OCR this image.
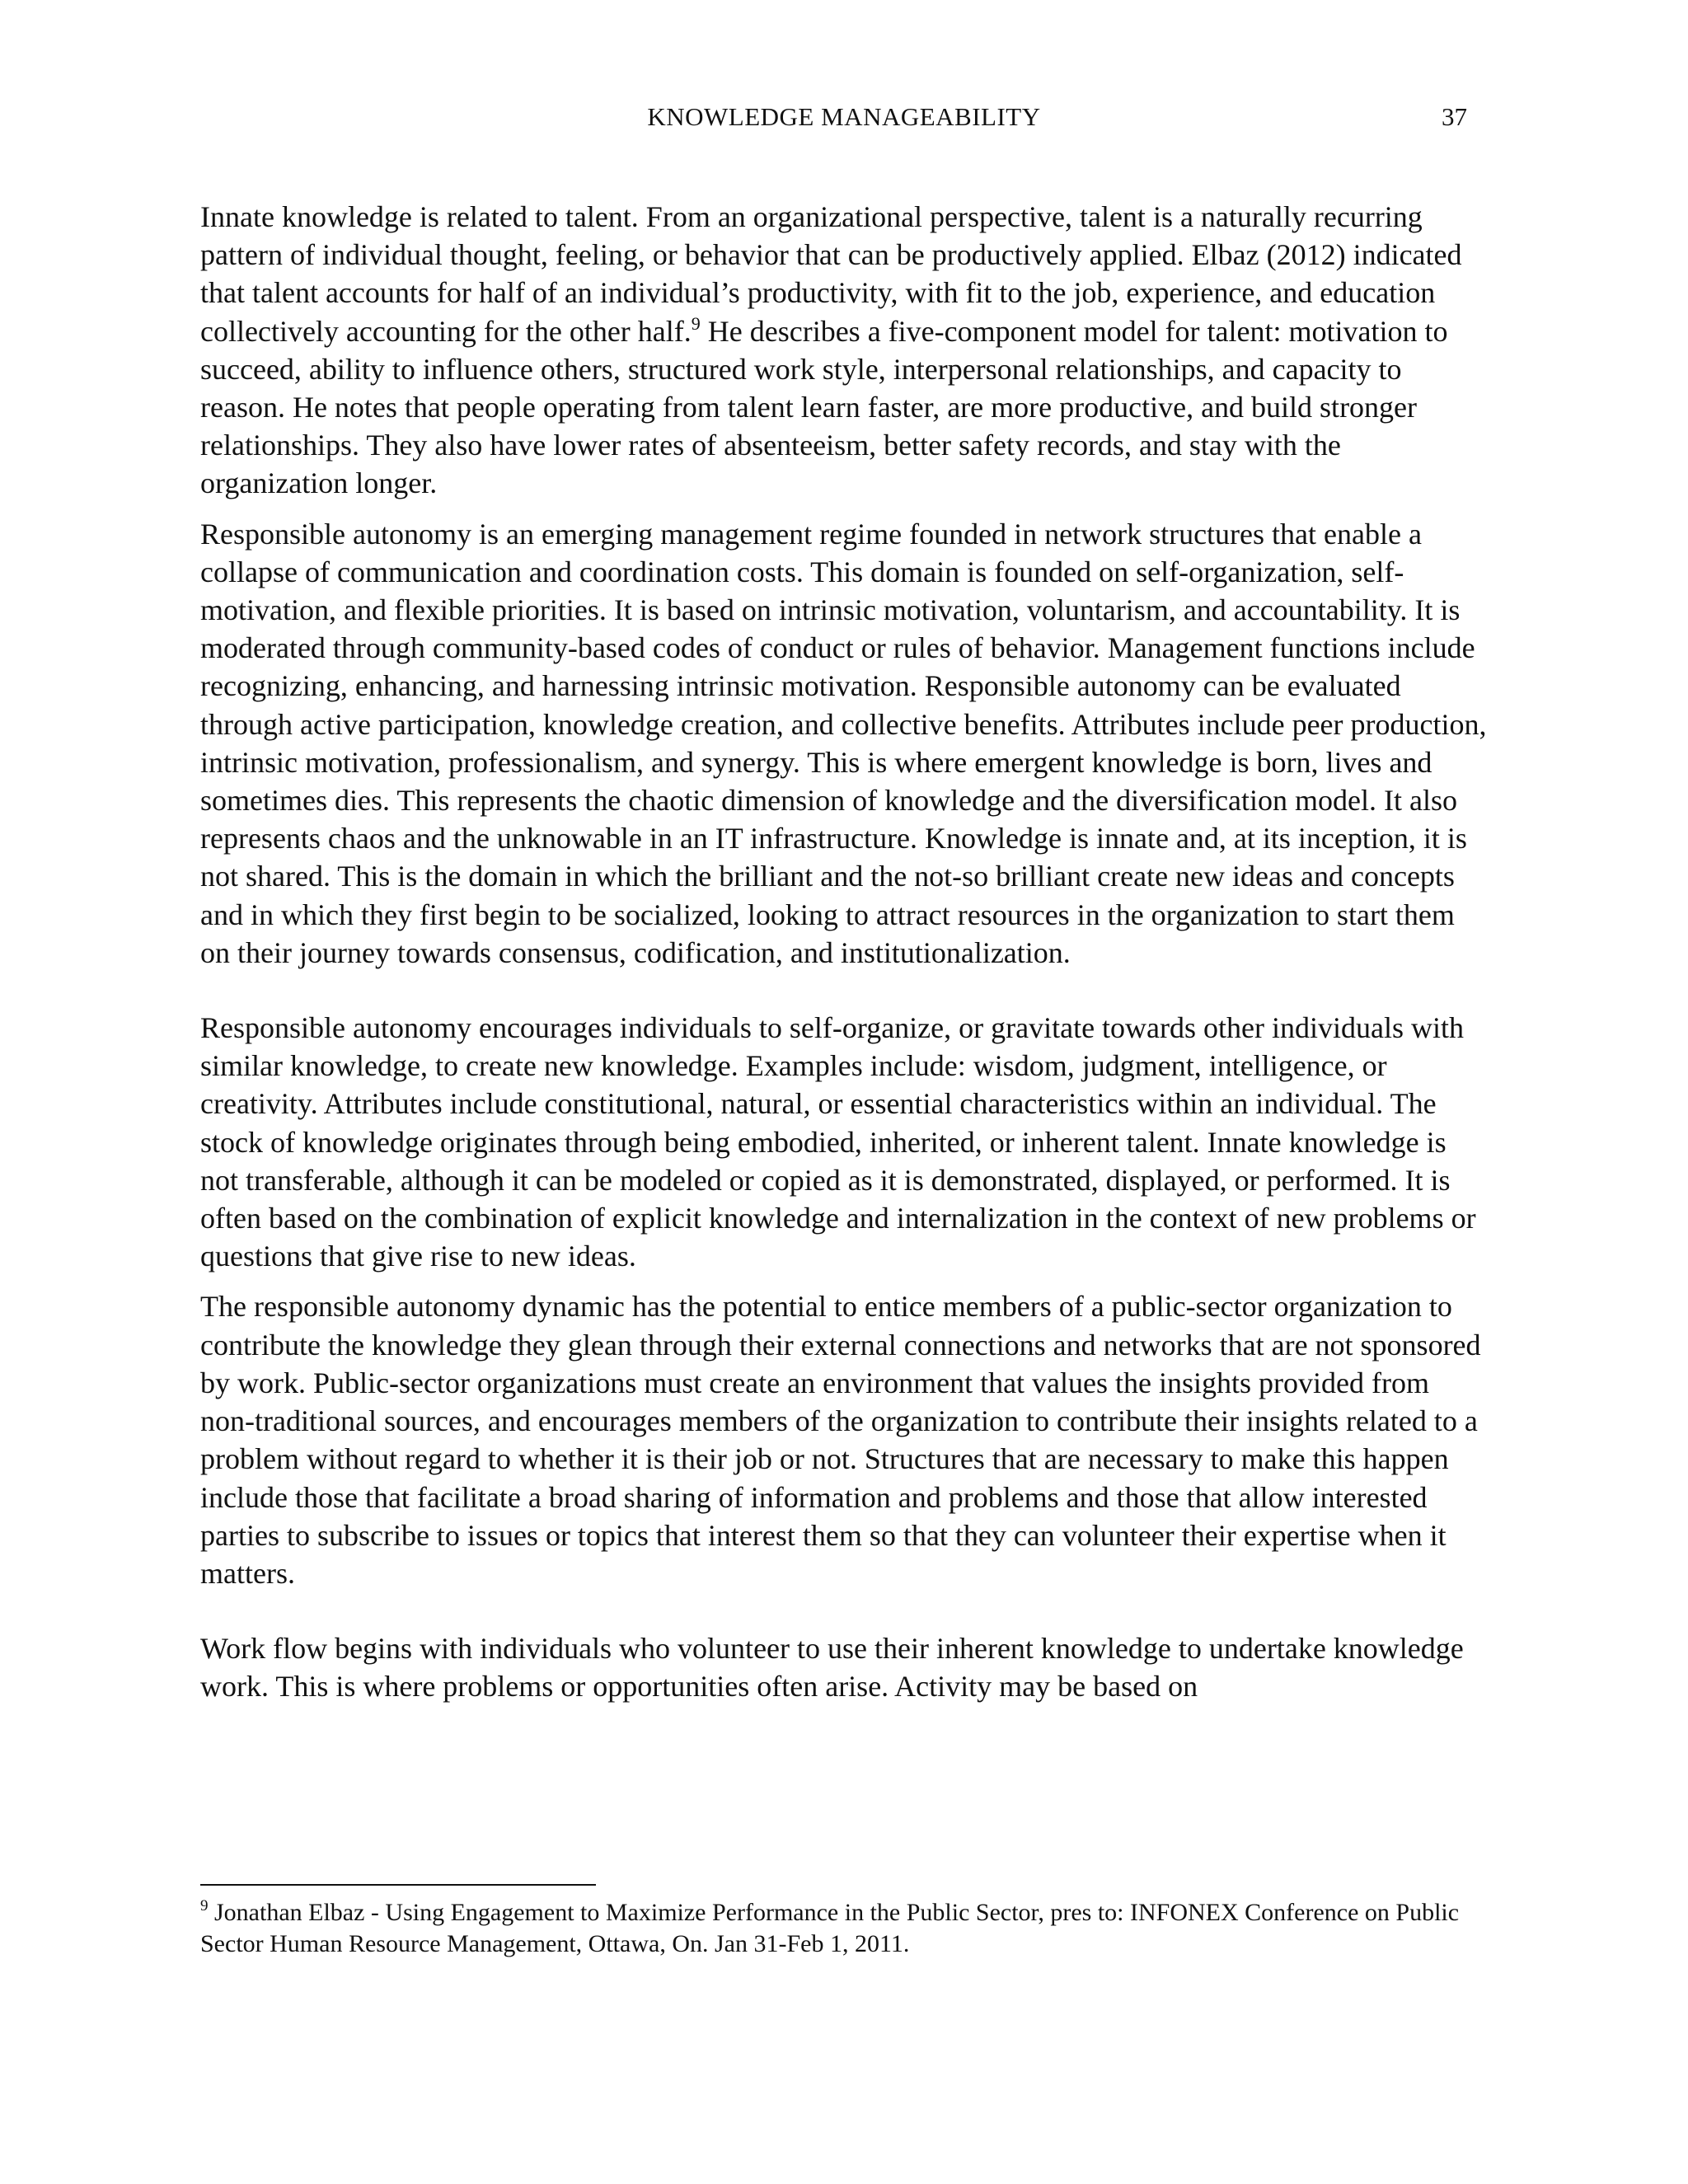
KNOWLEDGE MANAGEABILITY	37

Innate knowledge is related to talent. From an organizational perspective, talent is a naturally recurring pattern of individual thought, feeling, or behavior that can be productively applied. Elbaz (2012) indicated that talent accounts for half of an individual’s productivity, with fit to the job, experience, and education collectively accounting for the other half.$^9$ He describes a five-component model for talent: motivation to succeed, ability to influence others, structured work style, interpersonal relationships, and capacity to reason. He notes that people operating from talent learn faster, are more productive, and build stronger relationships. They also have lower rates of absenteeism, better safety records, and stay with the organization longer.

Responsible autonomy is an emerging management regime founded in network structures that enable a collapse of communication and coordination costs. This domain is founded on self-organization, self-motivation, and flexible priorities. It is based on intrinsic motivation, voluntarism, and accountability. It is moderated through community-based codes of conduct or rules of behavior. Management functions include recognizing, enhancing, and harnessing intrinsic motivation. Responsible autonomy can be evaluated through active participation, knowledge creation, and collective benefits. Attributes include peer production, intrinsic motivation, professionalism, and synergy. This is where emergent knowledge is born, lives and sometimes dies. This represents the chaotic dimension of knowledge and the diversification model. It also represents chaos and the unknowable in an IT infrastructure. Knowledge is innate and, at its inception, it is not shared. This is the domain in which the brilliant and the not-so brilliant create new ideas and concepts and in which they first begin to be socialized, looking to attract resources in the organization to start them on their journey towards consensus, codification, and institutionalization.

Responsible autonomy encourages individuals to self-organize, or gravitate towards other individuals with similar knowledge, to create new knowledge. Examples include: wisdom, judgment, intelligence, or creativity. Attributes include constitutional, natural, or essential characteristics within an individual. The stock of knowledge originates through being embodied, inherited, or inherent talent. Innate knowledge is not transferable, although it can be modeled or copied as it is demonstrated, displayed, or performed. It is often based on the combination of explicit knowledge and internalization in the context of new problems or questions that give rise to new ideas.

The responsible autonomy dynamic has the potential to entice members of a public-sector organization to contribute the knowledge they glean through their external connections and networks that are not sponsored by work. Public-sector organizations must create an environment that values the insights provided from non-traditional sources, and encourages members of the organization to contribute their insights related to a problem without regard to whether it is their job or not. Structures that are necessary to make this happen include those that facilitate a broad sharing of information and problems and those that allow interested parties to subscribe to issues or topics that interest them so that they can volunteer their expertise when it matters.

Work flow begins with individuals who volunteer to use their inherent knowledge to undertake knowledge work. This is where problems or opportunities often arise. Activity may be based on

$^9$ Jonathan Elbaz - Using Engagement to Maximize Performance in the Public Sector, pres to: INFONEX Conference on Public Sector Human Resource Management, Ottawa, On. Jan 31-Feb 1, 2011.
